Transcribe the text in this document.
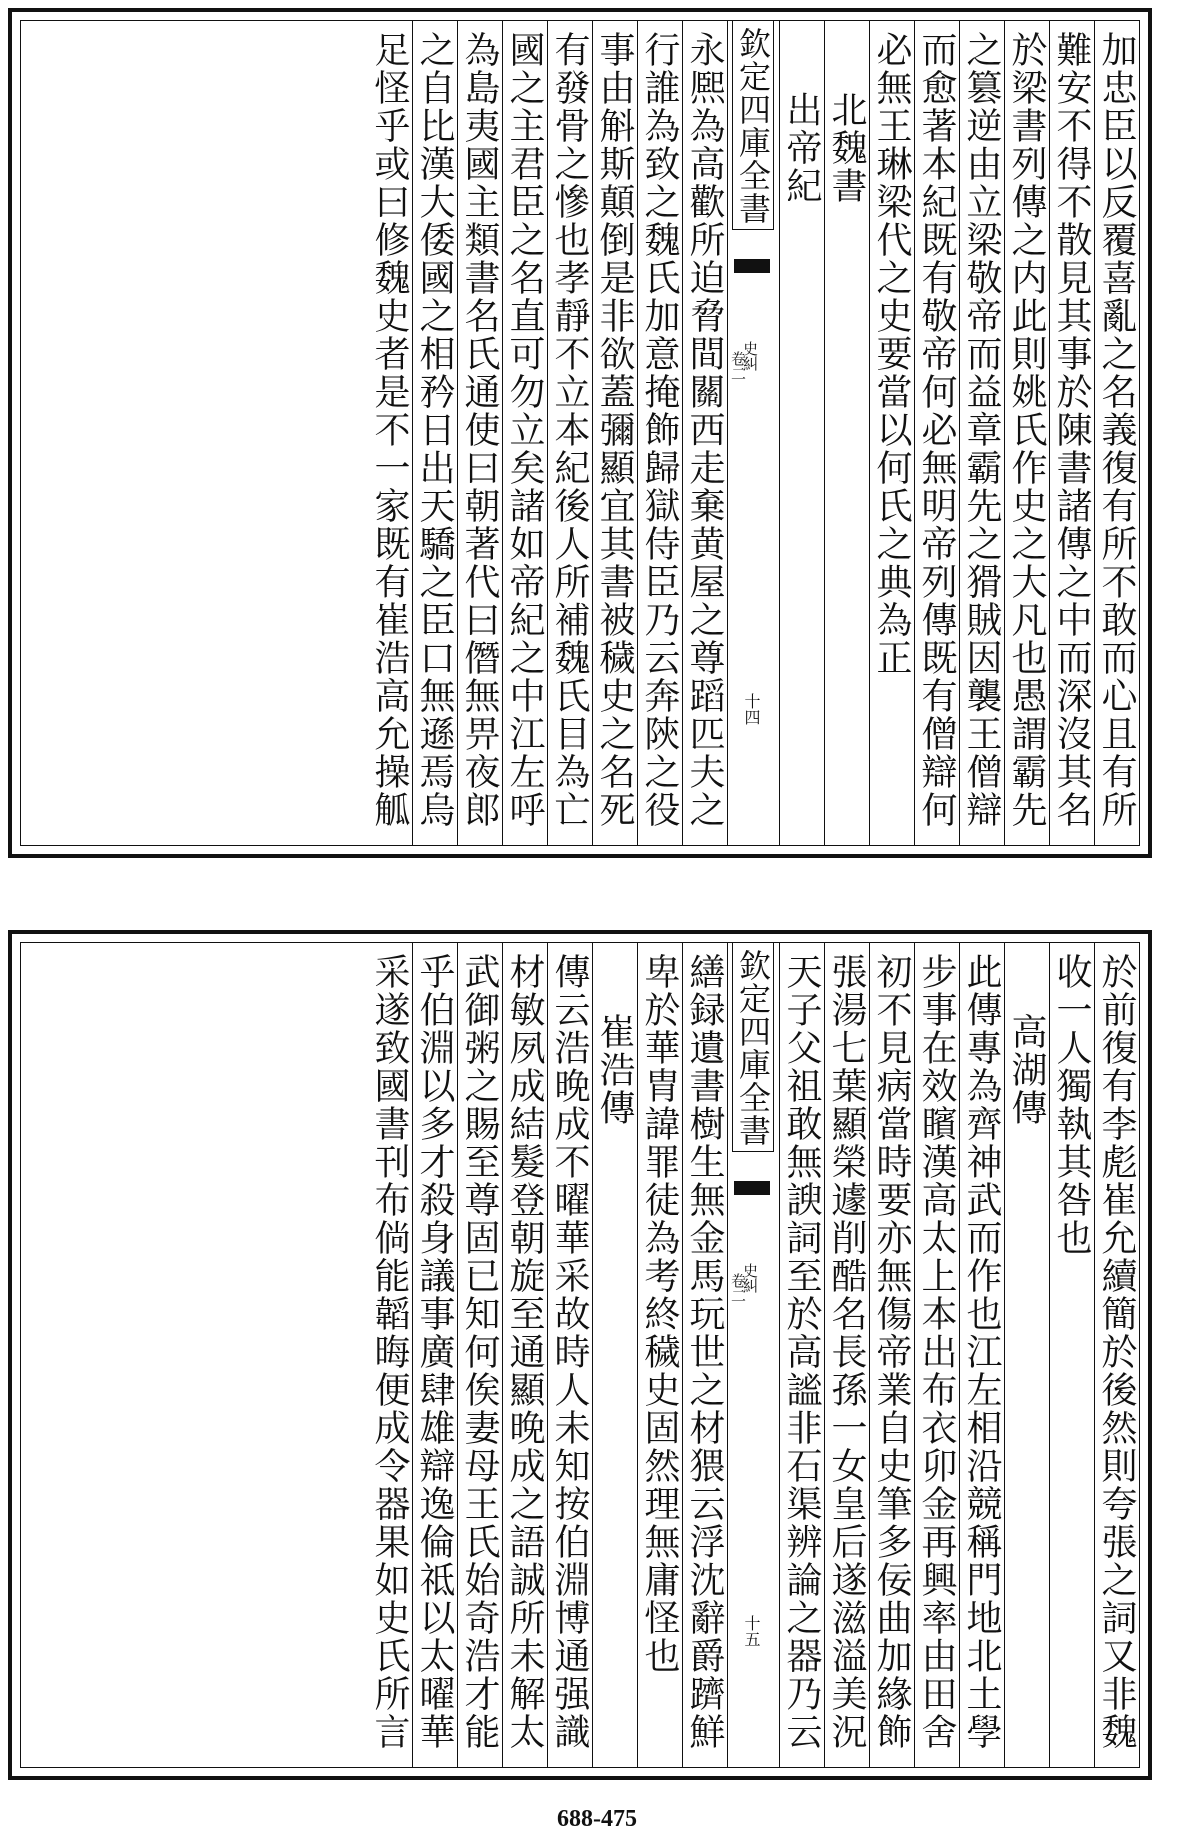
加忠臣以反覆喜亂之名義復有所不敢而心且有所
難安不得不散見其事於陳書諸傳之中而深沒其名
於梁書列傳之内此則姚氏作史之大凡也愚謂霸先
之篡逆由立梁敬帝而益章霸先之猾賊因襲王僧辯
而愈著本紀既有敬帝何必無明帝列傳既有僧辯何
必無王琳梁代之史要當以何氏之典為正
北魏書
出帝紀
欽定四庫全書
史糾
卷二
十四
永熈為高歡所迫脅間關西走棄黄屋之尊蹈匹夫之
行誰為致之魏氏加意掩飾歸獄侍臣乃云奔陝之役
事由斛斯顛倒是非欲蓋彌顯宜其書被穢史之名死
有發骨之慘也孝靜不立本紀後人所補魏氏目為亡
國之主君臣之名直可勿立矣諸如帝紀之中江左呼
為島夷國主類書名氏通使曰朝著代曰僭無畀夜郎
之自比漢大倭國之相矜日出天驕之臣口無遜焉烏
足怪乎或曰修魏史者是不一家既有崔浩高允操觚
於前復有李彪崔允續簡於後然則夸張之詞又非魏
收一人獨執其咎也
高湖傳
此傳專為齊神武而作也江左相沿競稱門地北土學
步事在效矉漢高太上本出布衣卯金再興率由田舍
初不見病當時要亦無傷帝業自史筆多佞曲加緣飾
張湯七葉顯榮遽削酷名長孫一女皇后遂滋溢美況
天子父祖敢無諛詞至於高謐非石渠辨論之器乃云
欽定四庫全書
史糾
卷二
十五
繕録遺書樹生無金馬玩世之材猥云浮沈辭爵躋鮮
卑於華胄諱罪徒為考終穢史固然理無庸怪也
崔浩傳
傳云浩晚成不曜華采故時人未知按伯淵博通强識
材敏夙成結髮登朝旋至通顯晚成之語誠所未解太
武御粥之賜至尊固已知何俟妻母王氏始奇浩才能
乎伯淵以多才殺身議事廣肆雄辯逸倫祗以太曜華
采遂致國書刊布倘能韜晦便成令器果如史氏所言
688-475
